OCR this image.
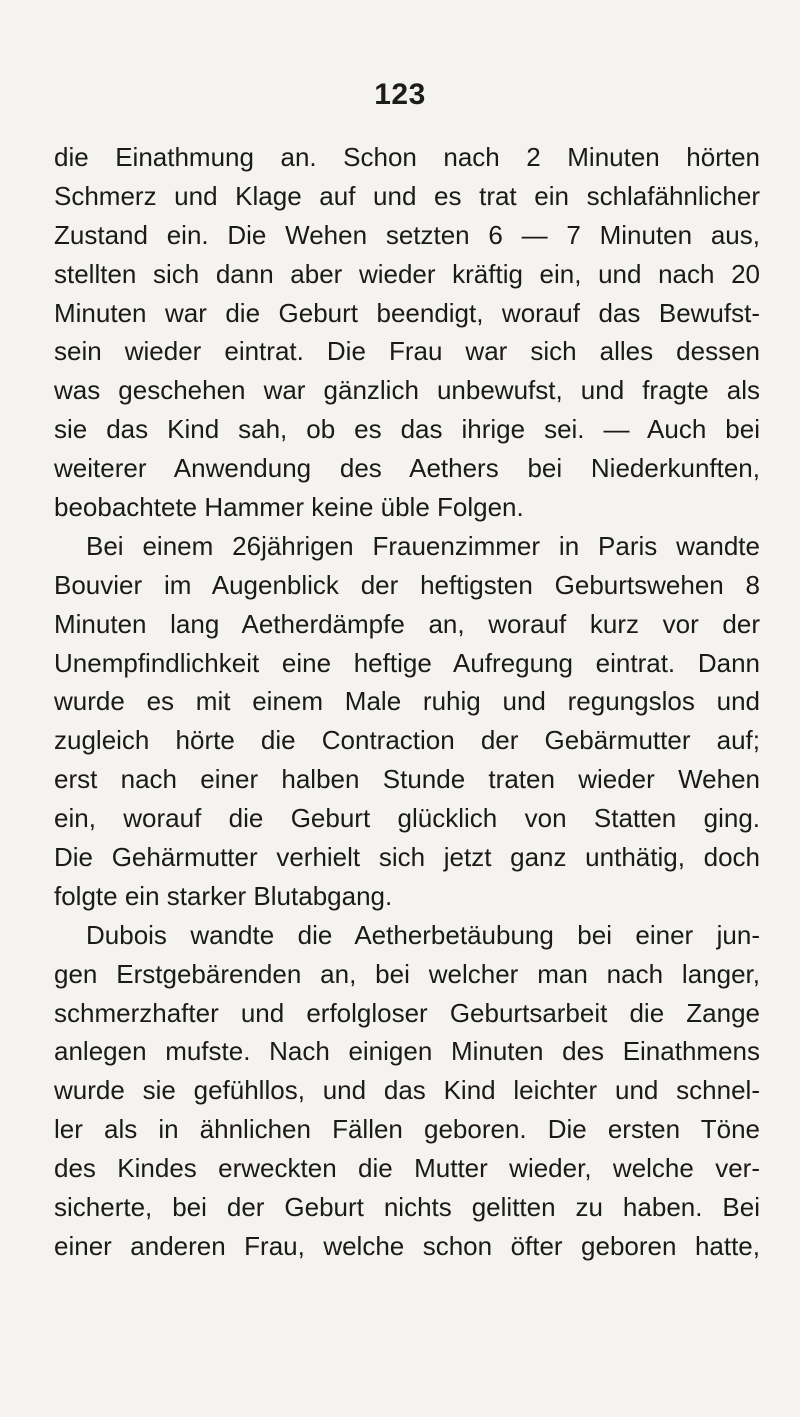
123
die Einathmung an. Schon nach 2 Minuten hörten
Schmerz und Klage auf und es trat ein schlafähnlicher
Zustand ein. Die Wehen setzten 6 — 7 Minuten aus,
stellten sich dann aber wieder kräftig ein, und nach 20
Minuten war die Geburt beendigt, worauf das Bewufst-
sein wieder eintrat. Die Frau war sich alles dessen
was geschehen war gänzlich unbewufst, und fragte als
sie das Kind sah, ob es das ihrige sei. — Auch bei
weiterer Anwendung des Aethers bei Niederkunften,
beobachtete Hammer keine üble Folgen.
Bei einem 26jährigen Frauenzimmer in Paris wandte
Bouvier im Augenblick der heftigsten Geburtswehen 8
Minuten lang Aetherdämpfe an, worauf kurz vor der
Unempfindlichkeit eine heftige Aufregung eintrat. Dann
wurde es mit einem Male ruhig und regungslos und
zugleich hörte die Contraction der Gebärmutter auf;
erst nach einer halben Stunde traten wieder Wehen
ein, worauf die Geburt glücklich von Statten ging.
Die Gehärmutter verhielt sich jetzt ganz unthätig, doch
folgte ein starker Blutabgang.
Dubois wandte die Aetherbetäubung bei einer jun-
gen Erstgebärenden an, bei welcher man nach langer,
schmerzhafter und erfolgloser Geburtsarbeit die Zange
anlegen mufste. Nach einigen Minuten des Einathmens
wurde sie gefühllos, und das Kind leichter und schnel-
ler als in ähnlichen Fällen geboren. Die ersten Töne
des Kindes erweckten die Mutter wieder, welche ver-
sicherte, bei der Geburt nichts gelitten zu haben. Bei
einer anderen Frau, welche schon öfter geboren hatte,
